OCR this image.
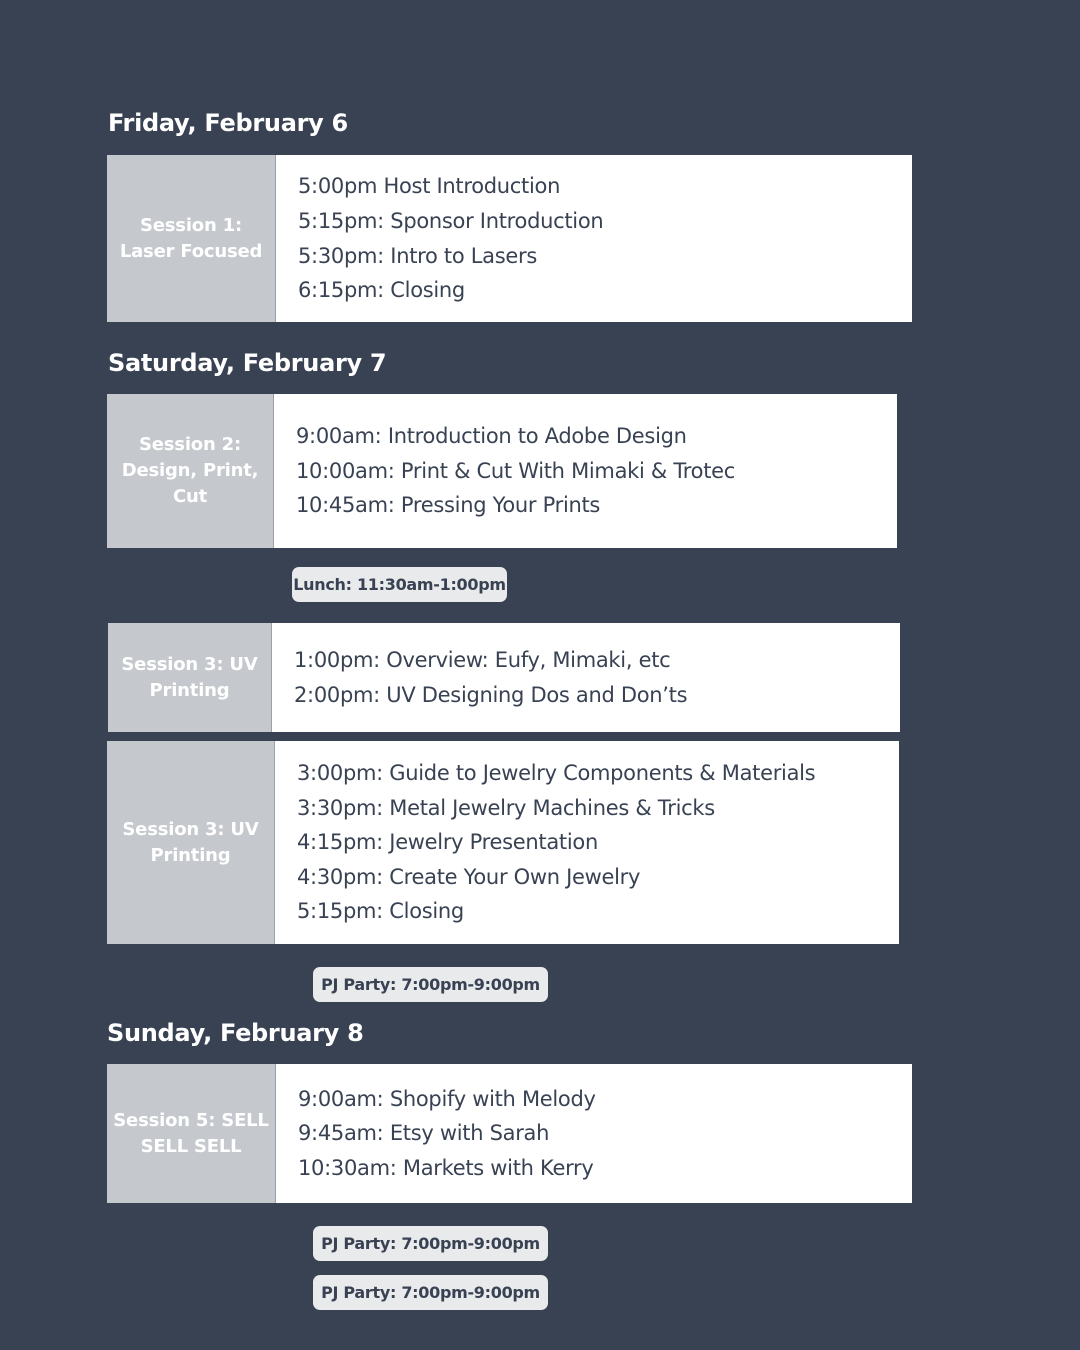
Friday, February 6
Session 1: Laser Focused
5:00pm Host Introduction
5:15pm: Sponsor Introduction
5:30pm: Intro to Lasers
6:15pm: Closing
Saturday, February 7
Session 2: Design, Print, Cut
9:00am: Introduction to Adobe Design
10:00am: Print & Cut With Mimaki & Trotec
10:45am: Pressing Your Prints
Lunch: 11:30am-1:00pm
Session 3: UV Printing
1:00pm: Overview: Eufy, Mimaki, etc
2:00pm: UV Designing Dos and Don’ts
Session 3: UV Printing
3:00pm: Guide to Jewelry Components & Materials
3:30pm: Metal Jewelry Machines & Tricks
4:15pm: Jewelry Presentation
4:30pm: Create Your Own Jewelry
5:15pm: Closing
PJ Party: 7:00pm-9:00pm
Sunday, February 8
Session 5: SELL SELL SELL
9:00am: Shopify with Melody
9:45am: Etsy with Sarah
10:30am: Markets with Kerry
PJ Party: 7:00pm-9:00pm
PJ Party: 7:00pm-9:00pm
